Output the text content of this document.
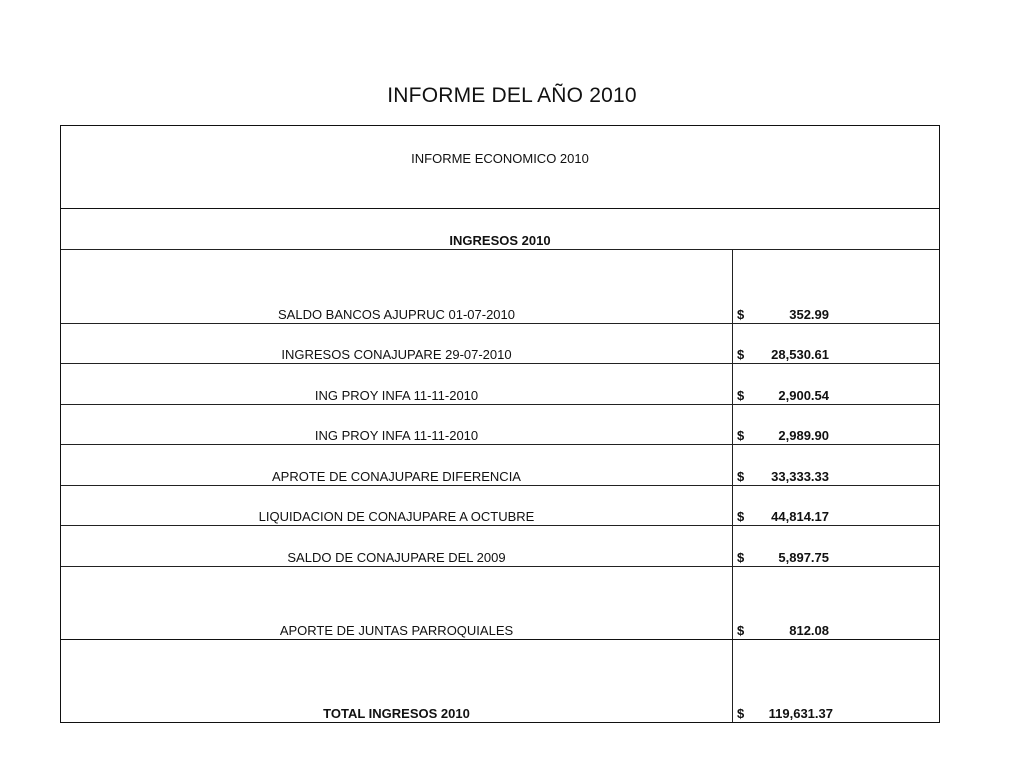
INFORME DEL AÑO 2010
INFORME ECONOMICO 2010
INGRESOS 2010
SALDO BANCOS AJUPRUC 01-07-2010	$	352.99
INGRESOS CONAJUPARE 29-07-2010	$ 28,530.61
ING PROY INFA 11-11-2010	$	2,900.54
ING PROY INFA 11-11-2010	$	2,989.90
APROTE DE CONAJUPARE DIFERENCIA	$ 33,333.33
LIQUIDACION DE CONAJUPARE A OCTUBRE	$ 44,814.17
SALDO DE CONAJUPARE DEL 2009	$	5,897.75
APORTE DE JUNTAS PARROQUIALES	$	812.08
TOTAL INGRESOS 2010	$ 119,631.37
